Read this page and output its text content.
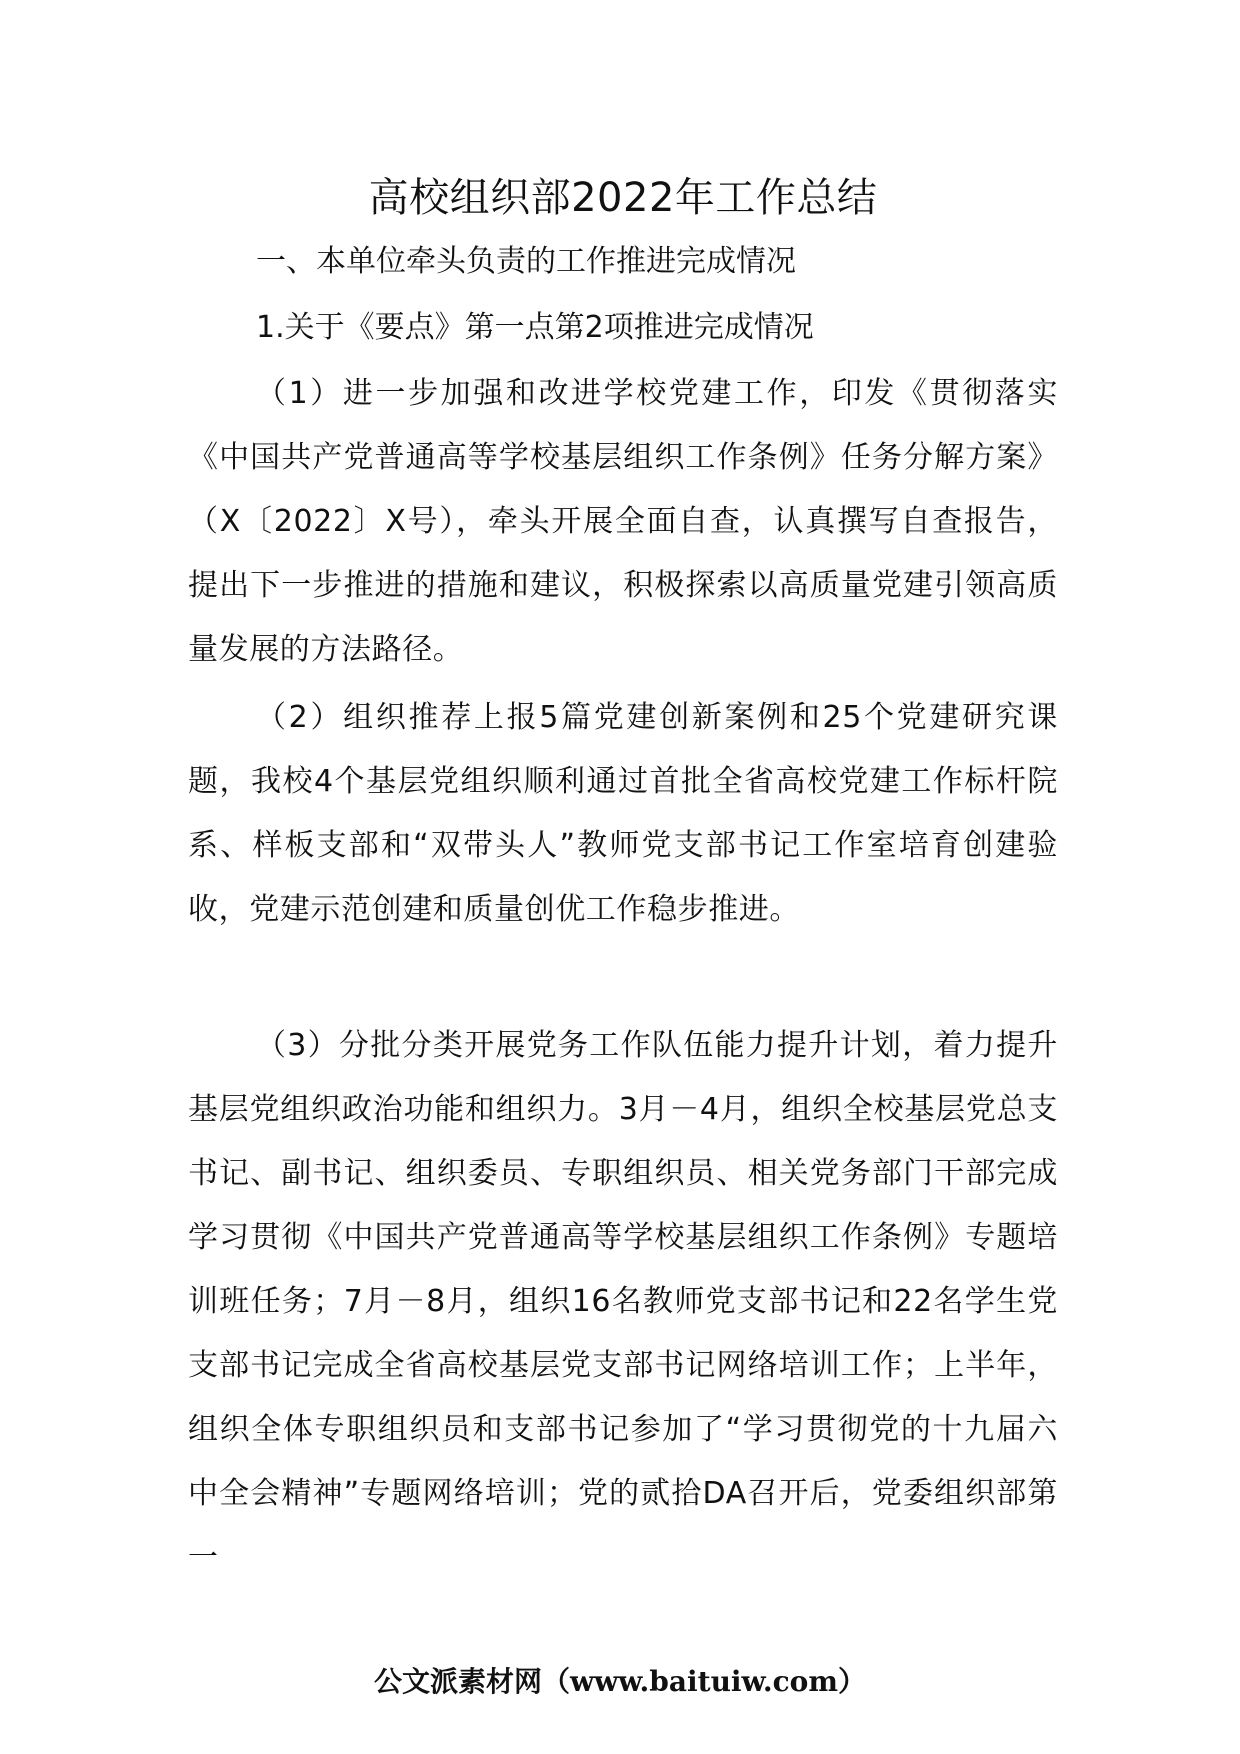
高校组织部2022年工作总结

一、本单位牵头负责的工作推进完成情况

1.关于《要点》第一点第2项推进完成情况

（1）进一步加强和改进学校党建工作，印发《贯彻落实《中国共产党普通高等学校基层组织工作条例》任务分解方案》（X〔2022〕X号），牵头开展全面自查，认真撰写自查报告，提出下一步推进的措施和建议，积极探索以高质量党建引领高质量发展的方法路径。

（2）组织推荐上报5篇党建创新案例和25个党建研究课题，我校4个基层党组织顺利通过首批全省高校党建工作标杆院系、样板支部和“双带头人”教师党支部书记工作室培育创建验收，党建示范创建和质量创优工作稳步推进。

（3）分批分类开展党务工作队伍能力提升计划，着力提升基层党组织政治功能和组织力。3月－4月，组织全校基层党总支书记、副书记、组织委员、专职组织员、相关党务部门干部完成学习贯彻《中国共产党普通高等学校基层组织工作条例》专题培训班任务；7月－8月，组织16名教师党支部书记和22名学生党支部书记完成全省高校基层党支部书记网络培训工作；上半年，组织全体专职组织员和支部书记参加了“学习贯彻党的十九届六中全会精神”专题网络培训；党的贰拾DA召开后，党委组织部第一

公文派素材网（www.baituiw.com）
